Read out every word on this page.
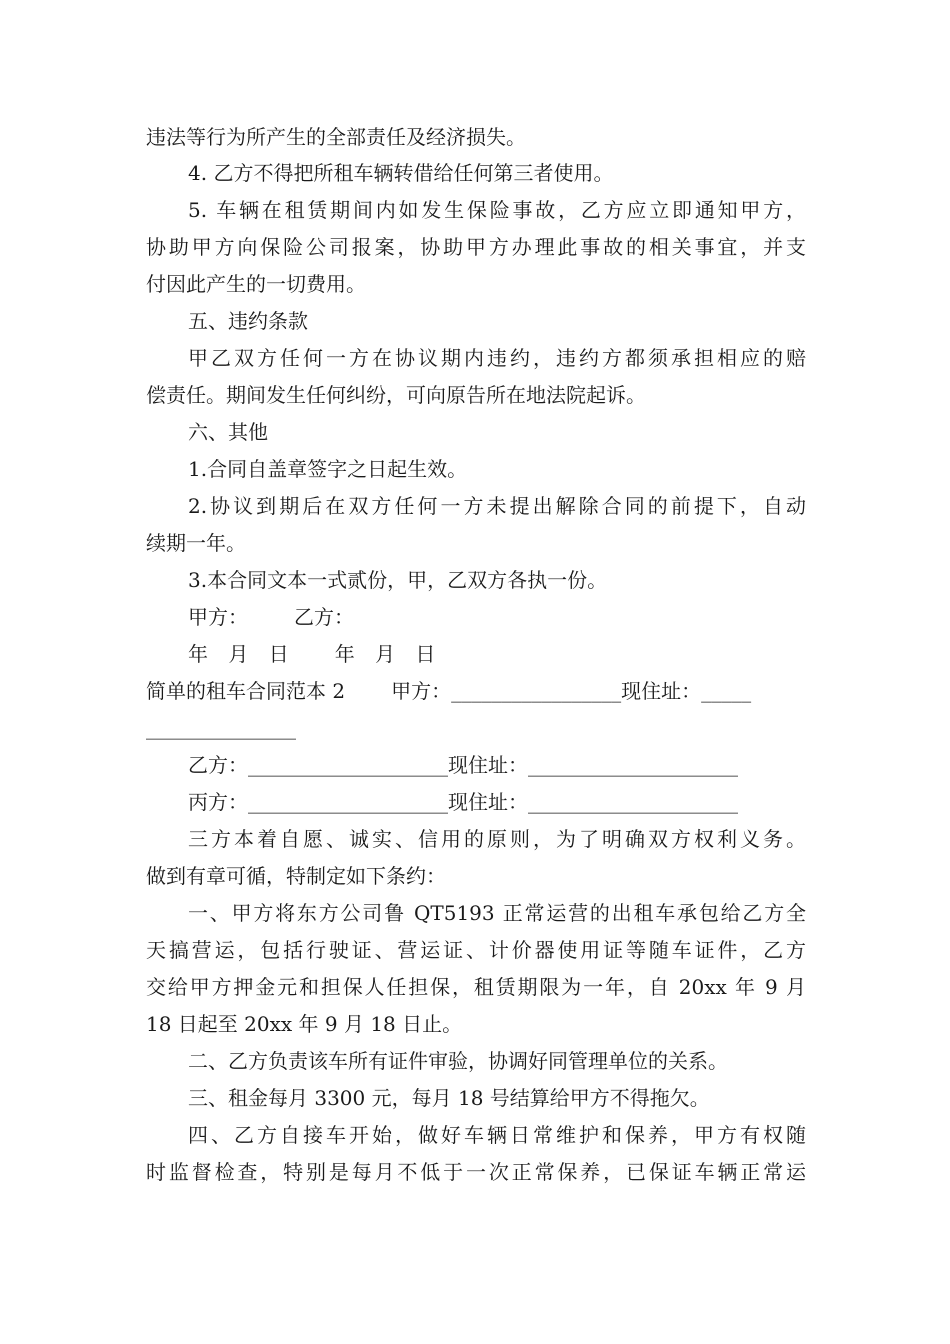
违法等行为所产生的全部责任及经济损失。
4. 乙方不得把所租车辆转借给任何第三者使用。
5. 车辆在租赁期间内如发生保险事故，乙方应立即通知甲方，
协助甲方向保险公司报案，协助甲方办理此事故的相关事宜，并支
付因此产生的一切费用。
五、违约条款
甲乙双方任何一方在协议期内违约，违约方都须承担相应的赔
偿责任。期间发生任何纠纷，可向原告所在地法院起诉。
六、其他
1.合同自盖章签字之日起生效。
2.协议到期后在双方任何一方未提出解除合同的前提下，自动
续期一年。
3.本合同文本一式贰份，甲，乙双方各执一份。
甲方： 乙方：
年 月 日 年 月 日
简单的租车合同范本 2 甲方：_________________现住址：_____
_______________
乙方：____________________现住址：_____________________
丙方：____________________现住址：_____________________
三方本着自愿、诚实、信用的原则，为了明确双方权利义务。
做到有章可循，特制定如下条约：
一、甲方将东方公司鲁 QT5193 正常运营的出租车承包给乙方全
天搞营运，包括行驶证、营运证、计价器使用证等随车证件，乙方
交给甲方押金元和担保人任担保，租赁期限为一年，自 20xx 年 9 月
18 日起至 20xx 年 9 月 18 日止。
二、乙方负责该车所有证件审验，协调好同管理单位的关系。
三、租金每月 3300 元，每月 18 号结算给甲方不得拖欠。
四、乙方自接车开始，做好车辆日常维护和保养，甲方有权随
时监督检查，特别是每月不低于一次正常保养，已保证车辆正常运
